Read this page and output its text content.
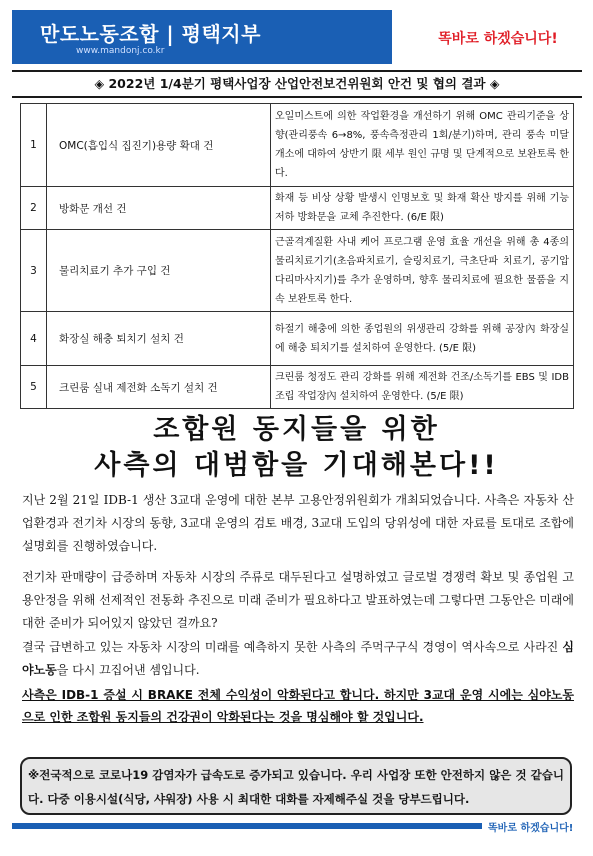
만도노동조합 | 평택지부
www.mandonj.co.kr
똑바로 하겠습니다!
◈ 2022년 1/4분기 평택사업장 산업안전보건위원회 안건 및 협의 결과 ◈
1	OMC(흡입식 집진기)용량 확대 건	오일미스트에 의한 작업환경을 개선하기 위해 OMC 관리기준을 상향(관리풍속 6→8%, 풍속측정관리 1회/분기)하며, 관리 풍속 미달 개소에 대하여 상반기 限 세부 원인 규명 및 단계적으로 보완토록 한다.
2	방화문 개선 건	화재 등 비상 상황 발생시 인명보호 및 화재 확산 방지를 위해 기능저하 방화문을 교체 추진한다. (6/E 限)
3	물리치료기 추가 구입 건	근골격계질환 사내 케어 프로그램 운영 효율 개선을 위해 총 4종의 물리치료기기(초음파치료기, 슬링치료기, 극초단파 치료기, 공기압 다리마사지기)를 추가 운영하며, 향후 물리치료에 필요한 물품을 지속 보완토록 한다.
4	화장실 해충 퇴치기 설치 건	하절기 해충에 의한 종업원의 위생관리 강화를 위해 공장內 화장실에 해충 퇴치기를 설치하여 운영한다. (5/E 限)
5	크린룸 실내 제전화 소독기 설치 건	크린룸 청정도 관리 강화를 위해 제전화 건조/소독기를 EBS 및 IDB조립 작업장內 설치하여 운영한다. (5/E 限)
조합원 동지들을 위한
사측의 대범함을 기대해본다!!

지난 2월 21일 IDB-1 생산 3교대 운영에 대한 본부 고용안정위원회가 개최되었습니다. 사측은 자동차 산업환경과 전기차 시장의 동향, 3교대 운영의 검토 배경, 3교대 도입의 당위성에 대한 자료를 토대로 조합에 설명회를 진행하였습니다.

전기차 판매량이 급증하며 자동차 시장의 주류로 대두된다고 설명하였고 글로벌 경쟁력 확보 및 종업원 고용안정을 위해 선제적인 전동화 추진으로 미래 준비가 필요하다고 발표하였는데 그렇다면 그동안은 미래에 대한 준비가 되어있지 않았던 걸까요?

결국 급변하고 있는 자동차 시장의 미래를 예측하지 못한 사측의 주먹구구식 경영이 역사속으로 사라진 심야노동을 다시 끄집어낸 셈입니다.

사측은 IDB-1 증설 시 BRAKE 전체 수익성이 악화된다고 합니다. 하지만 3교대 운영 시에는 심야노동으로 인한 조합원 동지들의 건강권이 악화된다는 것을 명심해야 할 것입니다.

※전국적으로 코로나19 감염자가 급속도로 증가되고 있습니다. 우리 사업장 또한 안전하지 않은 것 같습니다. 다중 이용시설(식당, 샤워장) 사용 시 최대한 대화를 자제해주실 것을 당부드립니다.
똑바로 하겠습니다!
